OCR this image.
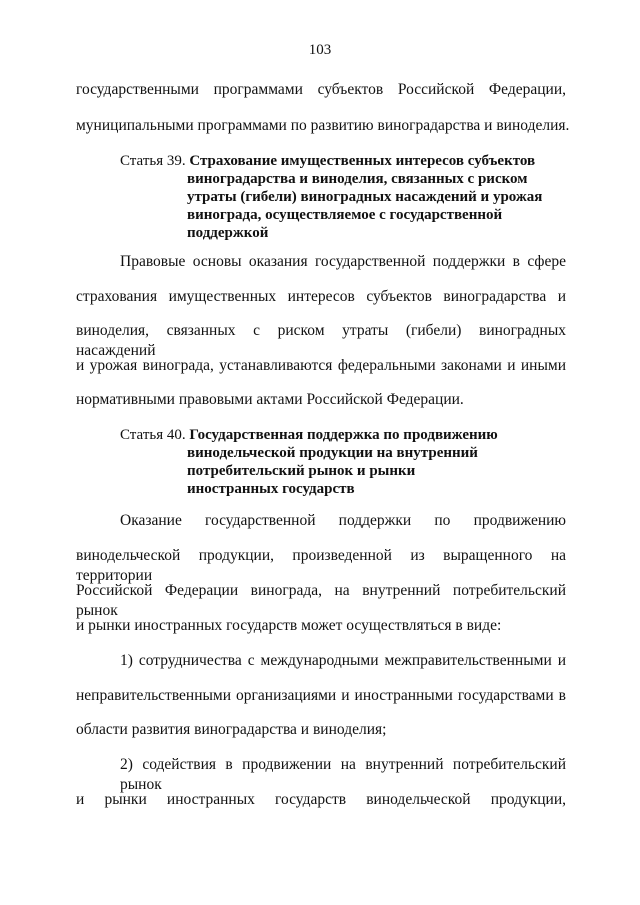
103
государственными программами субъектов Российской Федерации,
муниципальными программами по развитию виноградарства и виноделия.
Статья 39. Страхование имущественных интересов субъектов
виноградарства и виноделия, связанных с риском
утраты (гибели) виноградных насаждений и урожая
винограда, осуществляемое с государственной
поддержкой
Правовые основы оказания государственной поддержки в сфере
страхования имущественных интересов субъектов виноградарства и
виноделия, связанных с риском утраты (гибели) виноградных насаждений
и урожая винограда, устанавливаются федеральными законами и иными
нормативными правовыми актами Российской Федерации.
Статья 40. Государственная поддержка по продвижению
винодельческой продукции на внутренний
потребительский рынок и рынки
иностранных государств
Оказание государственной поддержки по продвижению
винодельческой продукции, произведенной из выращенного на территории
Российской Федерации винограда, на внутренний потребительский рынок
и рынки иностранных государств может осуществляться в виде:
1) сотрудничества с международными межправительственными и
неправительственными организациями и иностранными государствами в
области развития виноградарства и виноделия;
2) содействия в продвижении на внутренний потребительский рынок
и рынки иностранных государств винодельческой продукции,
